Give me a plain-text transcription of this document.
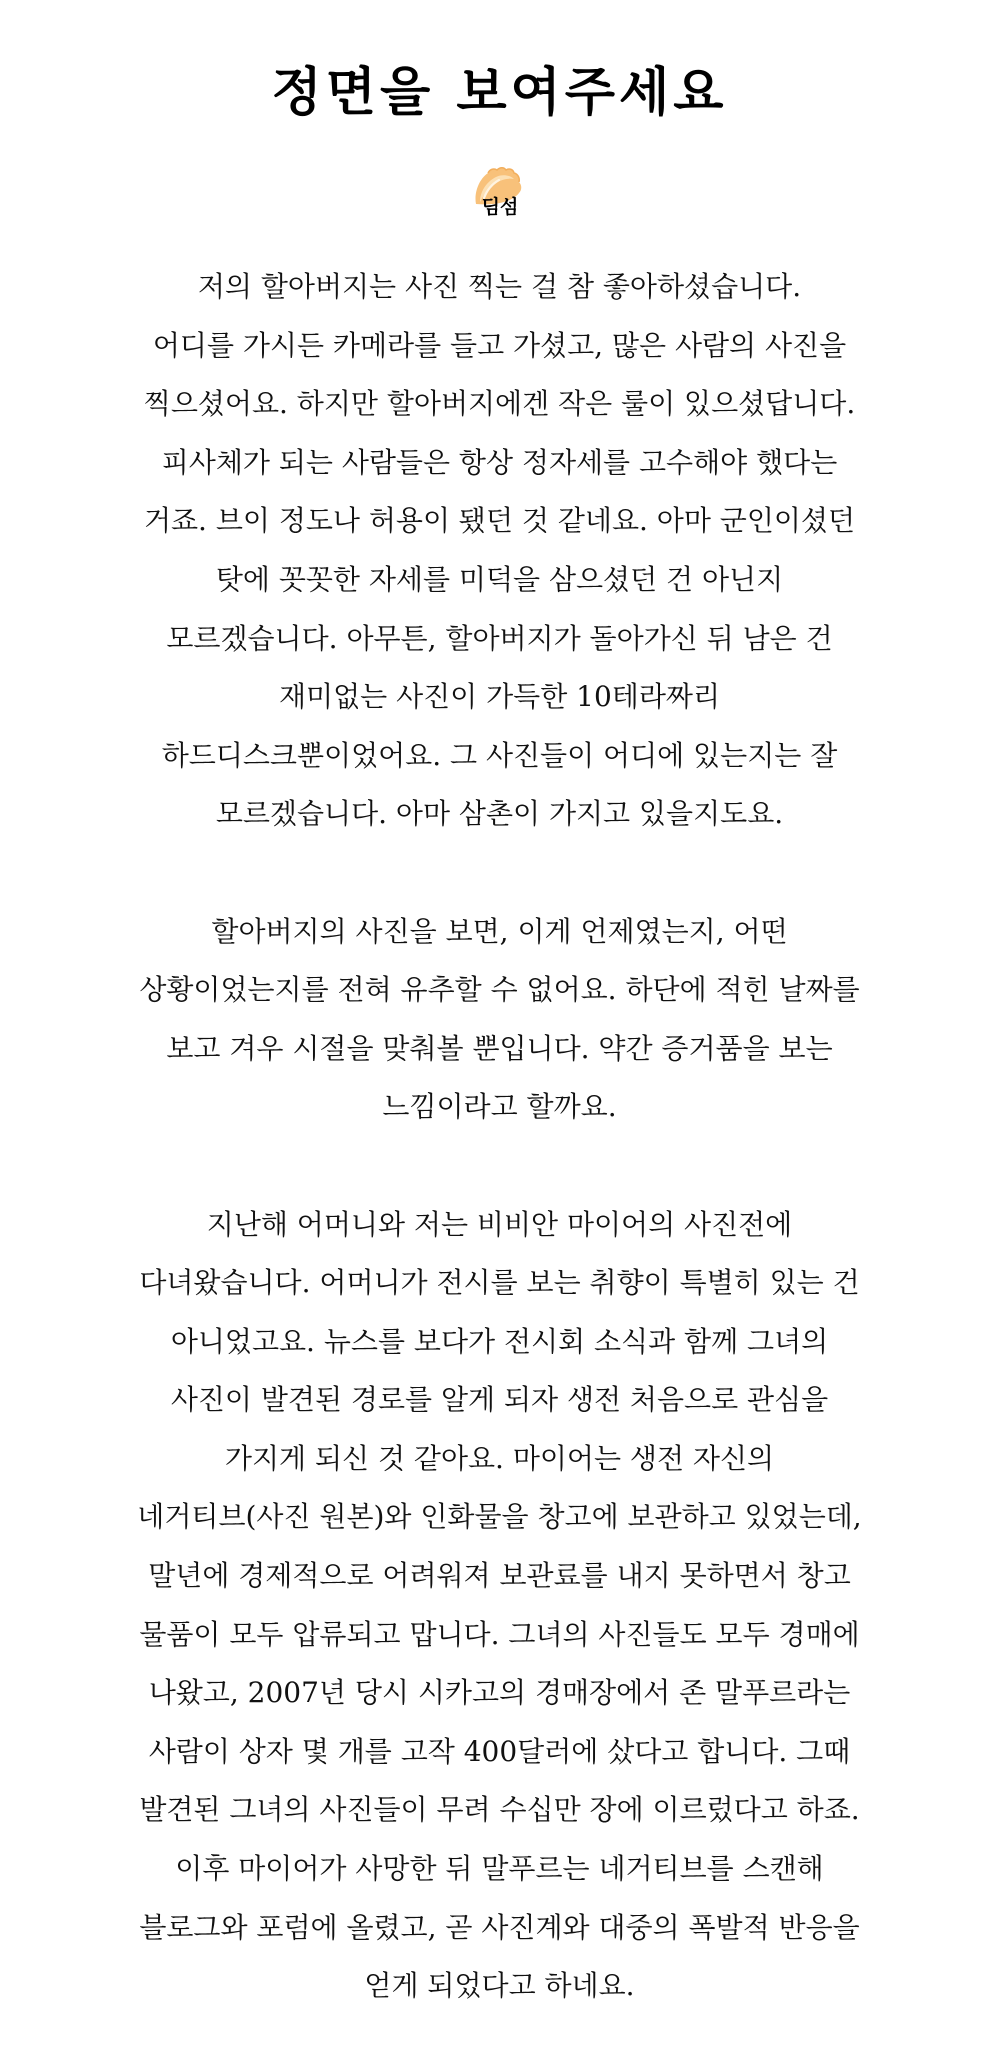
정면을 보여주세요
딤섬

저의 할아버지는 사진 찍는 걸 참 좋아하셨습니다.
어디를 가시든 카메라를 들고 가셨고, 많은 사람의 사진을
찍으셨어요. 하지만 할아버지에겐 작은 룰이 있으셨답니다.
피사체가 되는 사람들은 항상 정자세를 고수해야 했다는
거죠. 브이 정도나 허용이 됐던 것 같네요. 아마 군인이셨던
탓에 꼿꼿한 자세를 미덕을 삼으셨던 건 아닌지
모르겠습니다. 아무튼, 할아버지가 돌아가신 뒤 남은 건
재미없는 사진이 가득한 10테라짜리
하드디스크뿐이었어요. 그 사진들이 어디에 있는지는 잘
모르겠습니다. 아마 삼촌이 가지고 있을지도요.

할아버지의 사진을 보면, 이게 언제였는지, 어떤
상황이었는지를 전혀 유추할 수 없어요. 하단에 적힌 날짜를
보고 겨우 시절을 맞춰볼 뿐입니다. 약간 증거품을 보는
느낌이라고 할까요.

지난해 어머니와 저는 비비안 마이어의 사진전에
다녀왔습니다. 어머니가 전시를 보는 취향이 특별히 있는 건
아니었고요. 뉴스를 보다가 전시회 소식과 함께 그녀의
사진이 발견된 경로를 알게 되자 생전 처음으로 관심을
가지게 되신 것 같아요. 마이어는 생전 자신의
네거티브(사진 원본)와 인화물을 창고에 보관하고 있었는데,
말년에 경제적으로 어려워져 보관료를 내지 못하면서 창고
물품이 모두 압류되고 맙니다. 그녀의 사진들도 모두 경매에
나왔고, 2007년 당시 시카고의 경매장에서 존 말푸르라는
사람이 상자 몇 개를 고작 400달러에 샀다고 합니다. 그때
발견된 그녀의 사진들이 무려 수십만 장에 이르렀다고 하죠.
이후 마이어가 사망한 뒤 말푸르는 네거티브를 스캔해
블로그와 포럼에 올렸고, 곧 사진계와 대중의 폭발적 반응을
얻게 되었다고 하네요.
